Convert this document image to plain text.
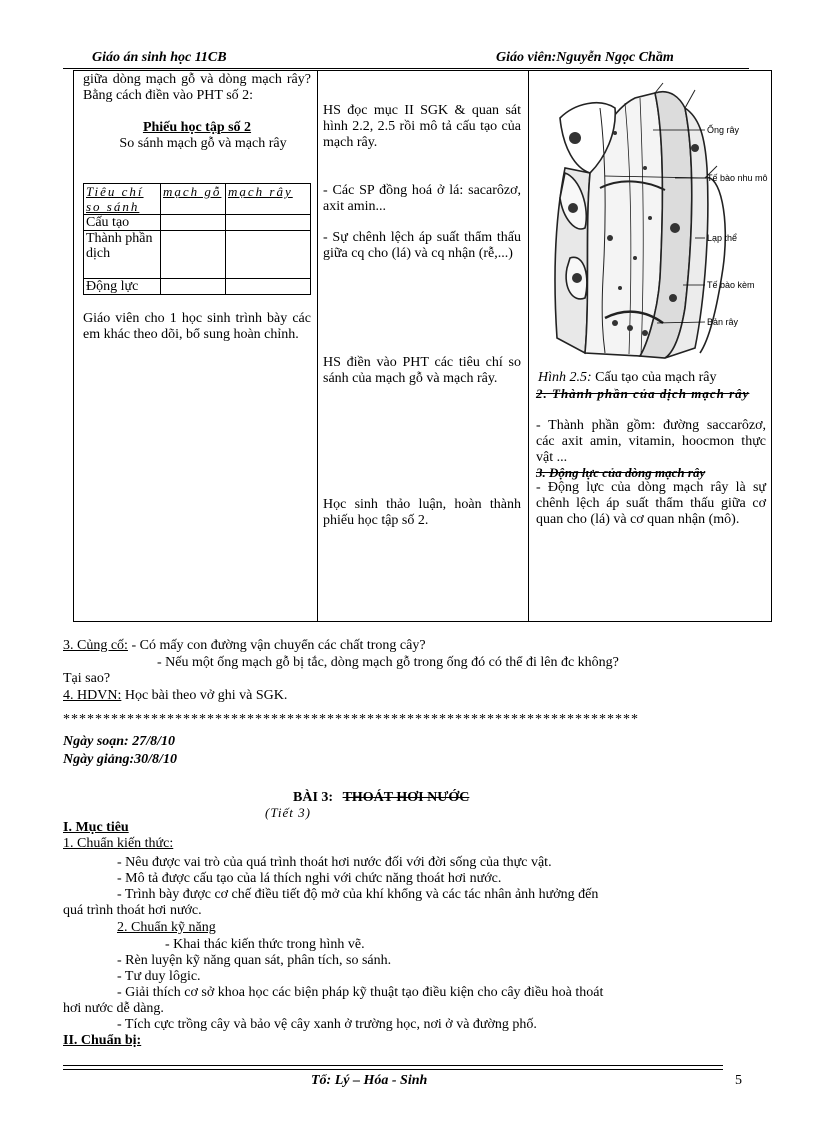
Giáo án sinh học 11CB	Giáo viên:Nguyễn Ngọc Chầm
giữa dòng mạch gỗ và dòng mạch rây? Bằng cách điền vào PHT số 2:
Phiếu học tập số 2
So sánh mạch gỗ và mạch rây
Tiêu chí so sánh	mạch gỗ	mạch rây
Cấu tạo		
Thành phần dịch		
Động lực		
Giáo viên cho 1 học sinh trình bày các em khác theo dõi, bổ sung hoàn chỉnh.
HS đọc mục II SGK & quan sát hình 2.2, 2.5 rồi mô tả cấu tạo của mạch rây.
- Các SP đồng hoá ở lá: sacarôzơ, axit amin...
- Sự chênh lệch áp suất thẩm thấu giữa cq cho (lá) và cq nhận (rễ,...)
HS điền vào PHT các tiêu chí so sánh của mạch gỗ và mạch rây.
Học sinh thảo luận, hoàn thành phiếu học tập số 2.
Ống rây
Tế bào nhu mô
Lạp thể
Tế bào kèm
Bản rây
Hình 2.5: Cấu tạo của mạch rây
2. Thành phần của dịch mạch rây
- Thành phần gồm: đường saccarôzơ, các axit amin, vitamin, hoocmon thực vật ...
3. Động lực của dòng mạch rây
- Động lực của dòng mạch rây là sự chênh lệch áp suất thẩm thấu giữa cơ quan cho (lá) và cơ quan nhận (mô).
3. Củng cố: - Có mấy con đường vận chuyển các chất trong cây?
- Nếu một ống mạch gỗ bị tắc, dòng mạch gỗ trong ống đó có thể đi lên đc không?
Tại sao?
4. HDVN: Học bài theo vở ghi và SGK.
************************************************************************
Ngày soạn: 27/8/10
Ngày giảng:30/8/10
BÀI 3: THOÁT HƠI NƯỚC
(Tiết 3)
I. Mục tiêu
1. Chuẩn kiến thức:
- Nêu được vai trò của quá trình thoát hơi nước đối với đời sống của thực vật.
- Mô tả được cấu tạo của lá thích nghi với chức năng thoát hơi nước.
- Trình bày được cơ chế điều tiết độ mở của khí khổng và các tác nhân ảnh hưởng đến
quá trình thoát hơi nước.
2. Chuẩn kỹ năng
- Khai thác kiến thức trong hình vẽ.
- Rèn luyện kỹ năng quan sát, phân tích, so sánh.
- Tư duy lôgic.
- Giải thích cơ sở khoa học các biện pháp kỹ thuật tạo điều kiện cho cây điều hoà thoát
hơi nước dễ dàng.
- Tích cực trồng cây và bảo vệ cây xanh ở trường học, nơi ở và đường phố.
II. Chuẩn bị:
Tổ: Lý – Hóa - Sinh	5
